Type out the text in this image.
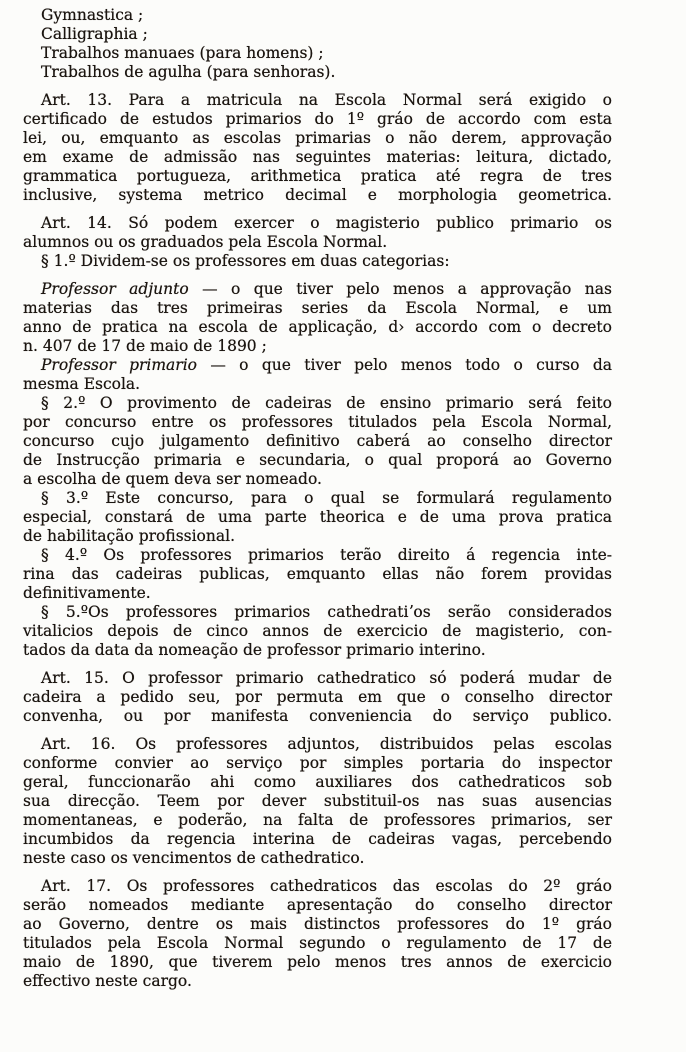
Gymnastica ;
Calligraphia ;
Trabalhos manuaes (para homens) ;
Trabalhos de agulha (para senhoras).
Art. 13. Para a matricula na Escola Normal será exigido o
certificado de estudos primarios do 1º gráo de accordo com esta
lei, ou, emquanto as escolas primarias o não derem, approvação
em exame de admissão nas seguintes materias: leitura, dictado,
grammatica portugueza, arithmetica pratica até regra de tres
inclusive, systema metrico decimal e morphologia geometrica.
Art. 14. Só podem exercer o magisterio publico primario os
alumnos ou os graduados pela Escola Normal.
§ 1.º Dividem-se os professores em duas categorias:
Professor adjunto — o que tiver pelo menos a approvação nas
materias das tres primeiras series da Escola Normal, e um
anno de pratica na escola de applicação, d› accordo com o decreto
n. 407 de 17 de maio de 1890 ;
Professor primario — o que tiver pelo menos todo o curso da
mesma Escola.
§ 2.º O provimento de cadeiras de ensino primario será feito
por concurso entre os professores titulados pela Escola Normal,
concurso cujo julgamento definitivo caberá ao conselho director
de Instrucção primaria e secundaria, o qual proporá ao Governo
a escolha de quem deva ser nomeado.
§ 3.º Este concurso, para o qual se formulará regulamento
especial, constará de uma parte theorica e de uma prova pratica
de habilitação profissional.
§ 4.º Os professores primarios terão direito á regencia inte-
rina das cadeiras publicas, emquanto ellas não forem providas
definitivamente.
§ 5.ºOs professores primarios cathedratiʼos serão considerados
vitalicios depois de cinco annos de exercicio de magisterio, con-
tados da data da nomeação de professor primario interino.
Art. 15. O professor primario cathedratico só poderá mudar de
cadeira a pedido seu, por permuta em que o conselho director
convenha, ou por manifesta conveniencia do serviço publico.
Art. 16. Os professores adjuntos, distribuidos pelas escolas
conforme convier ao serviço por simples portaria do inspector
geral, funccionarão ahi como auxiliares dos cathedraticos sob
sua direcção. Teem por dever substituil-os nas suas ausencias
momentaneas, e poderão, na falta de professores primarios, ser
incumbidos da regencia interina de cadeiras vagas, percebendo
neste caso os vencimentos de cathedratico.
Art. 17. Os professores cathedraticos das escolas do 2º gráo
serão nomeados mediante apresentação do conselho director
ao Governo, dentre os mais distinctos professores do 1º gráo
titulados pela Escola Normal segundo o regulamento de 17 de
maio de 1890, que tiverem pelo menos tres annos de exercicio
effectivo neste cargo.
